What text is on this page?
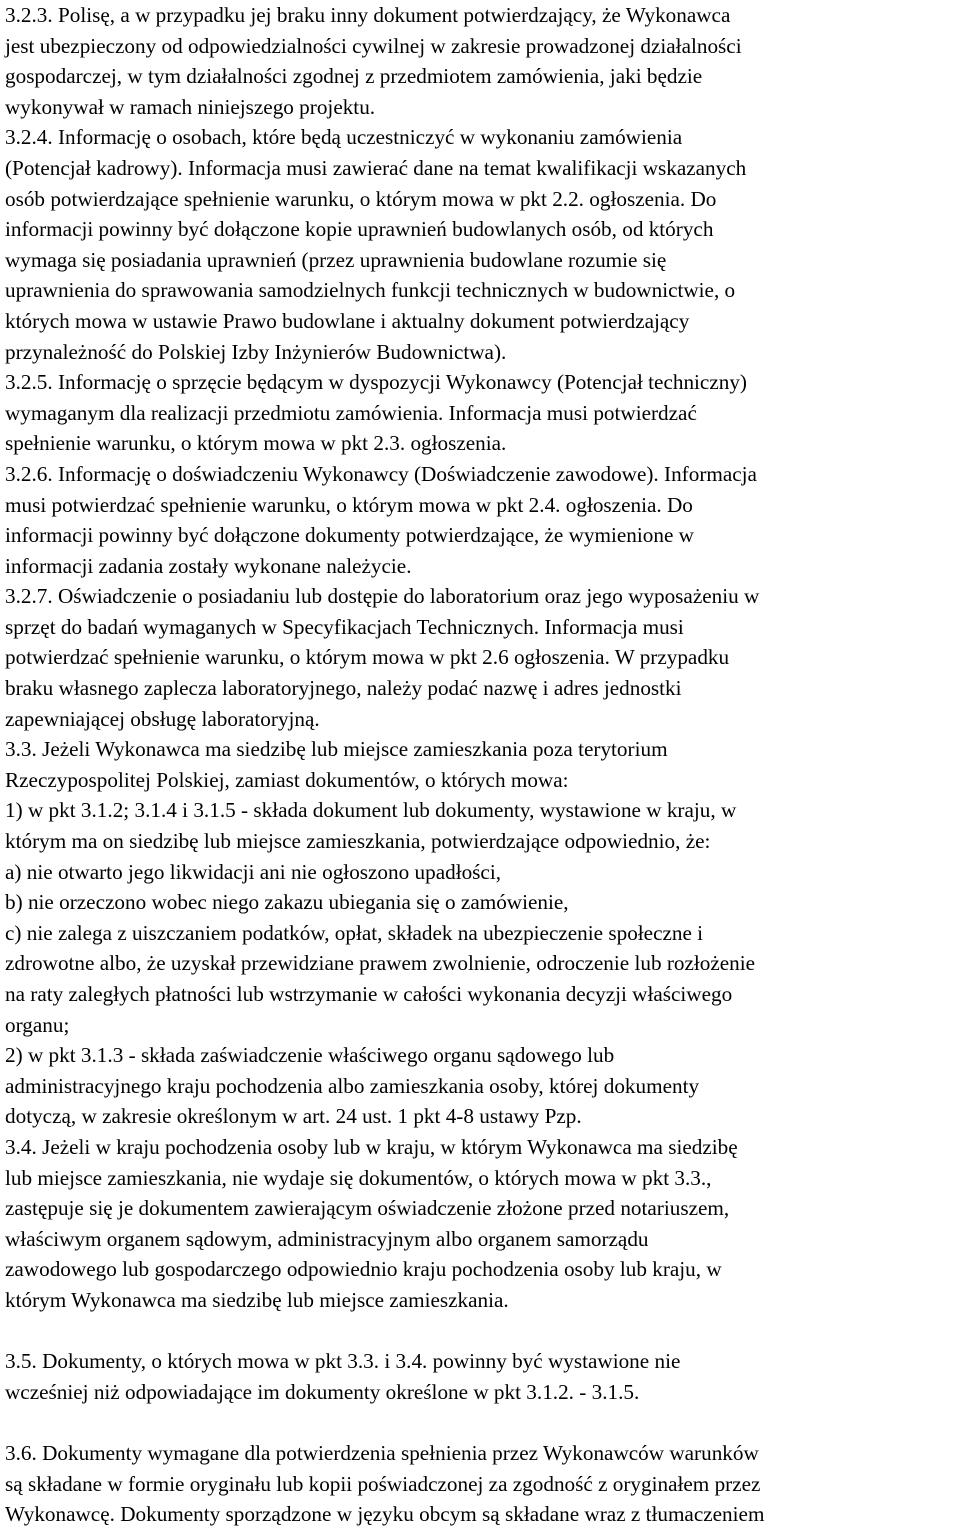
3.2.3. Polisę, a w przypadku jej braku inny dokument potwierdzający, że Wykonawca
jest ubezpieczony od odpowiedzialności cywilnej w zakresie prowadzonej działalności
gospodarczej, w tym działalności zgodnej z przedmiotem zamówienia, jaki będzie
wykonywał w ramach niniejszego projektu.
3.2.4. Informację o osobach, które będą uczestniczyć w wykonaniu zamówienia
(Potencjał kadrowy). Informacja musi zawierać dane na temat kwalifikacji wskazanych
osób potwierdzające spełnienie warunku, o którym mowa w pkt 2.2. ogłoszenia. Do
informacji powinny być dołączone kopie uprawnień budowlanych osób, od których
wymaga się posiadania uprawnień (przez uprawnienia budowlane rozumie się
uprawnienia do sprawowania samodzielnych funkcji technicznych w budownictwie, o
których mowa w ustawie Prawo budowlane i aktualny dokument potwierdzający
przynależność do Polskiej Izby Inżynierów Budownictwa).
3.2.5. Informację o sprzęcie będącym w dyspozycji Wykonawcy (Potencjał techniczny)
wymaganym dla realizacji przedmiotu zamówienia. Informacja musi potwierdzać
spełnienie warunku, o którym mowa w pkt 2.3. ogłoszenia.
3.2.6. Informację o doświadczeniu Wykonawcy (Doświadczenie zawodowe). Informacja
musi potwierdzać spełnienie warunku, o którym mowa w pkt 2.4. ogłoszenia. Do
informacji powinny być dołączone dokumenty potwierdzające, że wymienione w
informacji zadania zostały wykonane należycie.
3.2.7. Oświadczenie o posiadaniu lub dostępie do laboratorium oraz jego wyposażeniu w
sprzęt do badań wymaganych w Specyfikacjach Technicznych. Informacja musi
potwierdzać spełnienie warunku, o którym mowa w pkt 2.6 ogłoszenia. W przypadku
braku własnego zaplecza laboratoryjnego, należy podać nazwę i adres jednostki
zapewniającej obsługę laboratoryjną.
3.3. Jeżeli Wykonawca ma siedzibę lub miejsce zamieszkania poza terytorium
Rzeczypospolitej Polskiej, zamiast dokumentów, o których mowa:
1) w pkt 3.1.2; 3.1.4 i 3.1.5 - składa dokument lub dokumenty, wystawione w kraju, w
którym ma on siedzibę lub miejsce zamieszkania, potwierdzające odpowiednio, że:
a) nie otwarto jego likwidacji ani nie ogłoszono upadłości,
b) nie orzeczono wobec niego zakazu ubiegania się o zamówienie,
c) nie zalega z uiszczaniem podatków, opłat, składek na ubezpieczenie społeczne i
zdrowotne albo, że uzyskał przewidziane prawem zwolnienie, odroczenie lub rozłożenie
na raty zaległych płatności lub wstrzymanie w całości wykonania decyzji właściwego
organu;
2) w pkt 3.1.3 - składa zaświadczenie właściwego organu sądowego lub
administracyjnego kraju pochodzenia albo zamieszkania osoby, której dokumenty
dotyczą, w zakresie określonym w art. 24 ust. 1 pkt 4-8 ustawy Pzp.
3.4. Jeżeli w kraju pochodzenia osoby lub w kraju, w którym Wykonawca ma siedzibę
lub miejsce zamieszkania, nie wydaje się dokumentów, o których mowa w pkt 3.3.,
zastępuje się je dokumentem zawierającym oświadczenie złożone przed notariuszem,
właściwym organem sądowym, administracyjnym albo organem samorządu
zawodowego lub gospodarczego odpowiednio kraju pochodzenia osoby lub kraju, w
którym Wykonawca ma siedzibę lub miejsce zamieszkania.
3.5. Dokumenty, o których mowa w pkt 3.3. i 3.4. powinny być wystawione nie
wcześniej niż odpowiadające im dokumenty określone w pkt 3.1.2. - 3.1.5.
3.6. Dokumenty wymagane dla potwierdzenia spełnienia przez Wykonawców warunków
są składane w formie oryginału lub kopii poświadczonej za zgodność z oryginałem przez
Wykonawcę. Dokumenty sporządzone w języku obcym są składane wraz z tłumaczeniem
